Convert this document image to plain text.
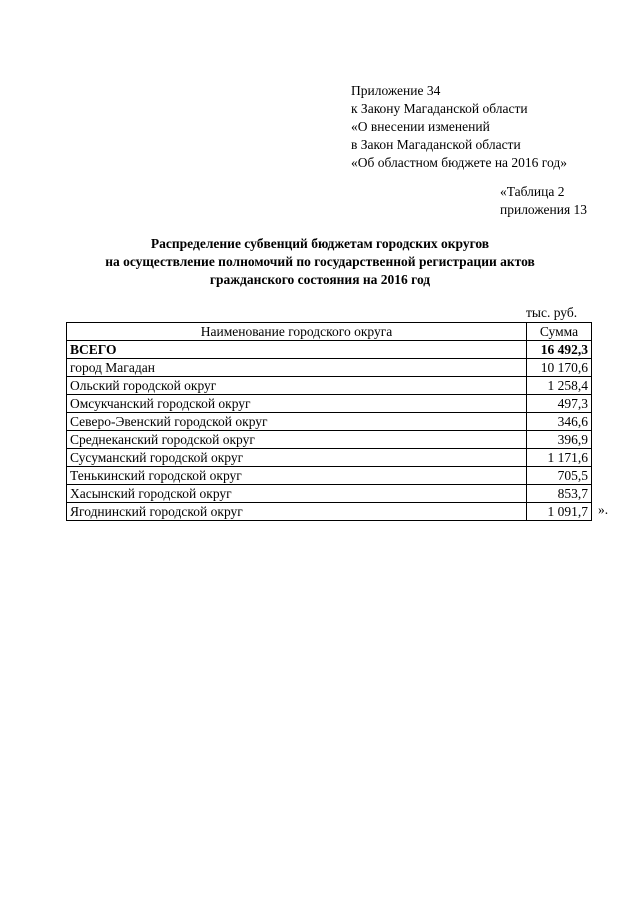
Приложение 34
к Закону Магаданской области
«О внесении изменений
в Закон Магаданской области
«Об областном бюджете на 2016 год»
«Таблица 2
приложения 13
Распределение субвенций бюджетам городских округов
на осуществление полномочий по государственной регистрации актов
гражданского состояния на 2016 год
тыс. руб.
Наименование городского округа	Сумма
ВСЕГО	16 492,3
город Магадан	10 170,6
Ольский городской округ	1 258,4
Омсукчанский городской округ	497,3
Северо-Эвенский городской округ	346,6
Среднеканский городской округ	396,9
Сусуманский городской округ	1 171,6
Тенькинский городской округ	705,5
Хасынский городской округ	853,7
Ягоднинский городской округ	1 091,7 ».
